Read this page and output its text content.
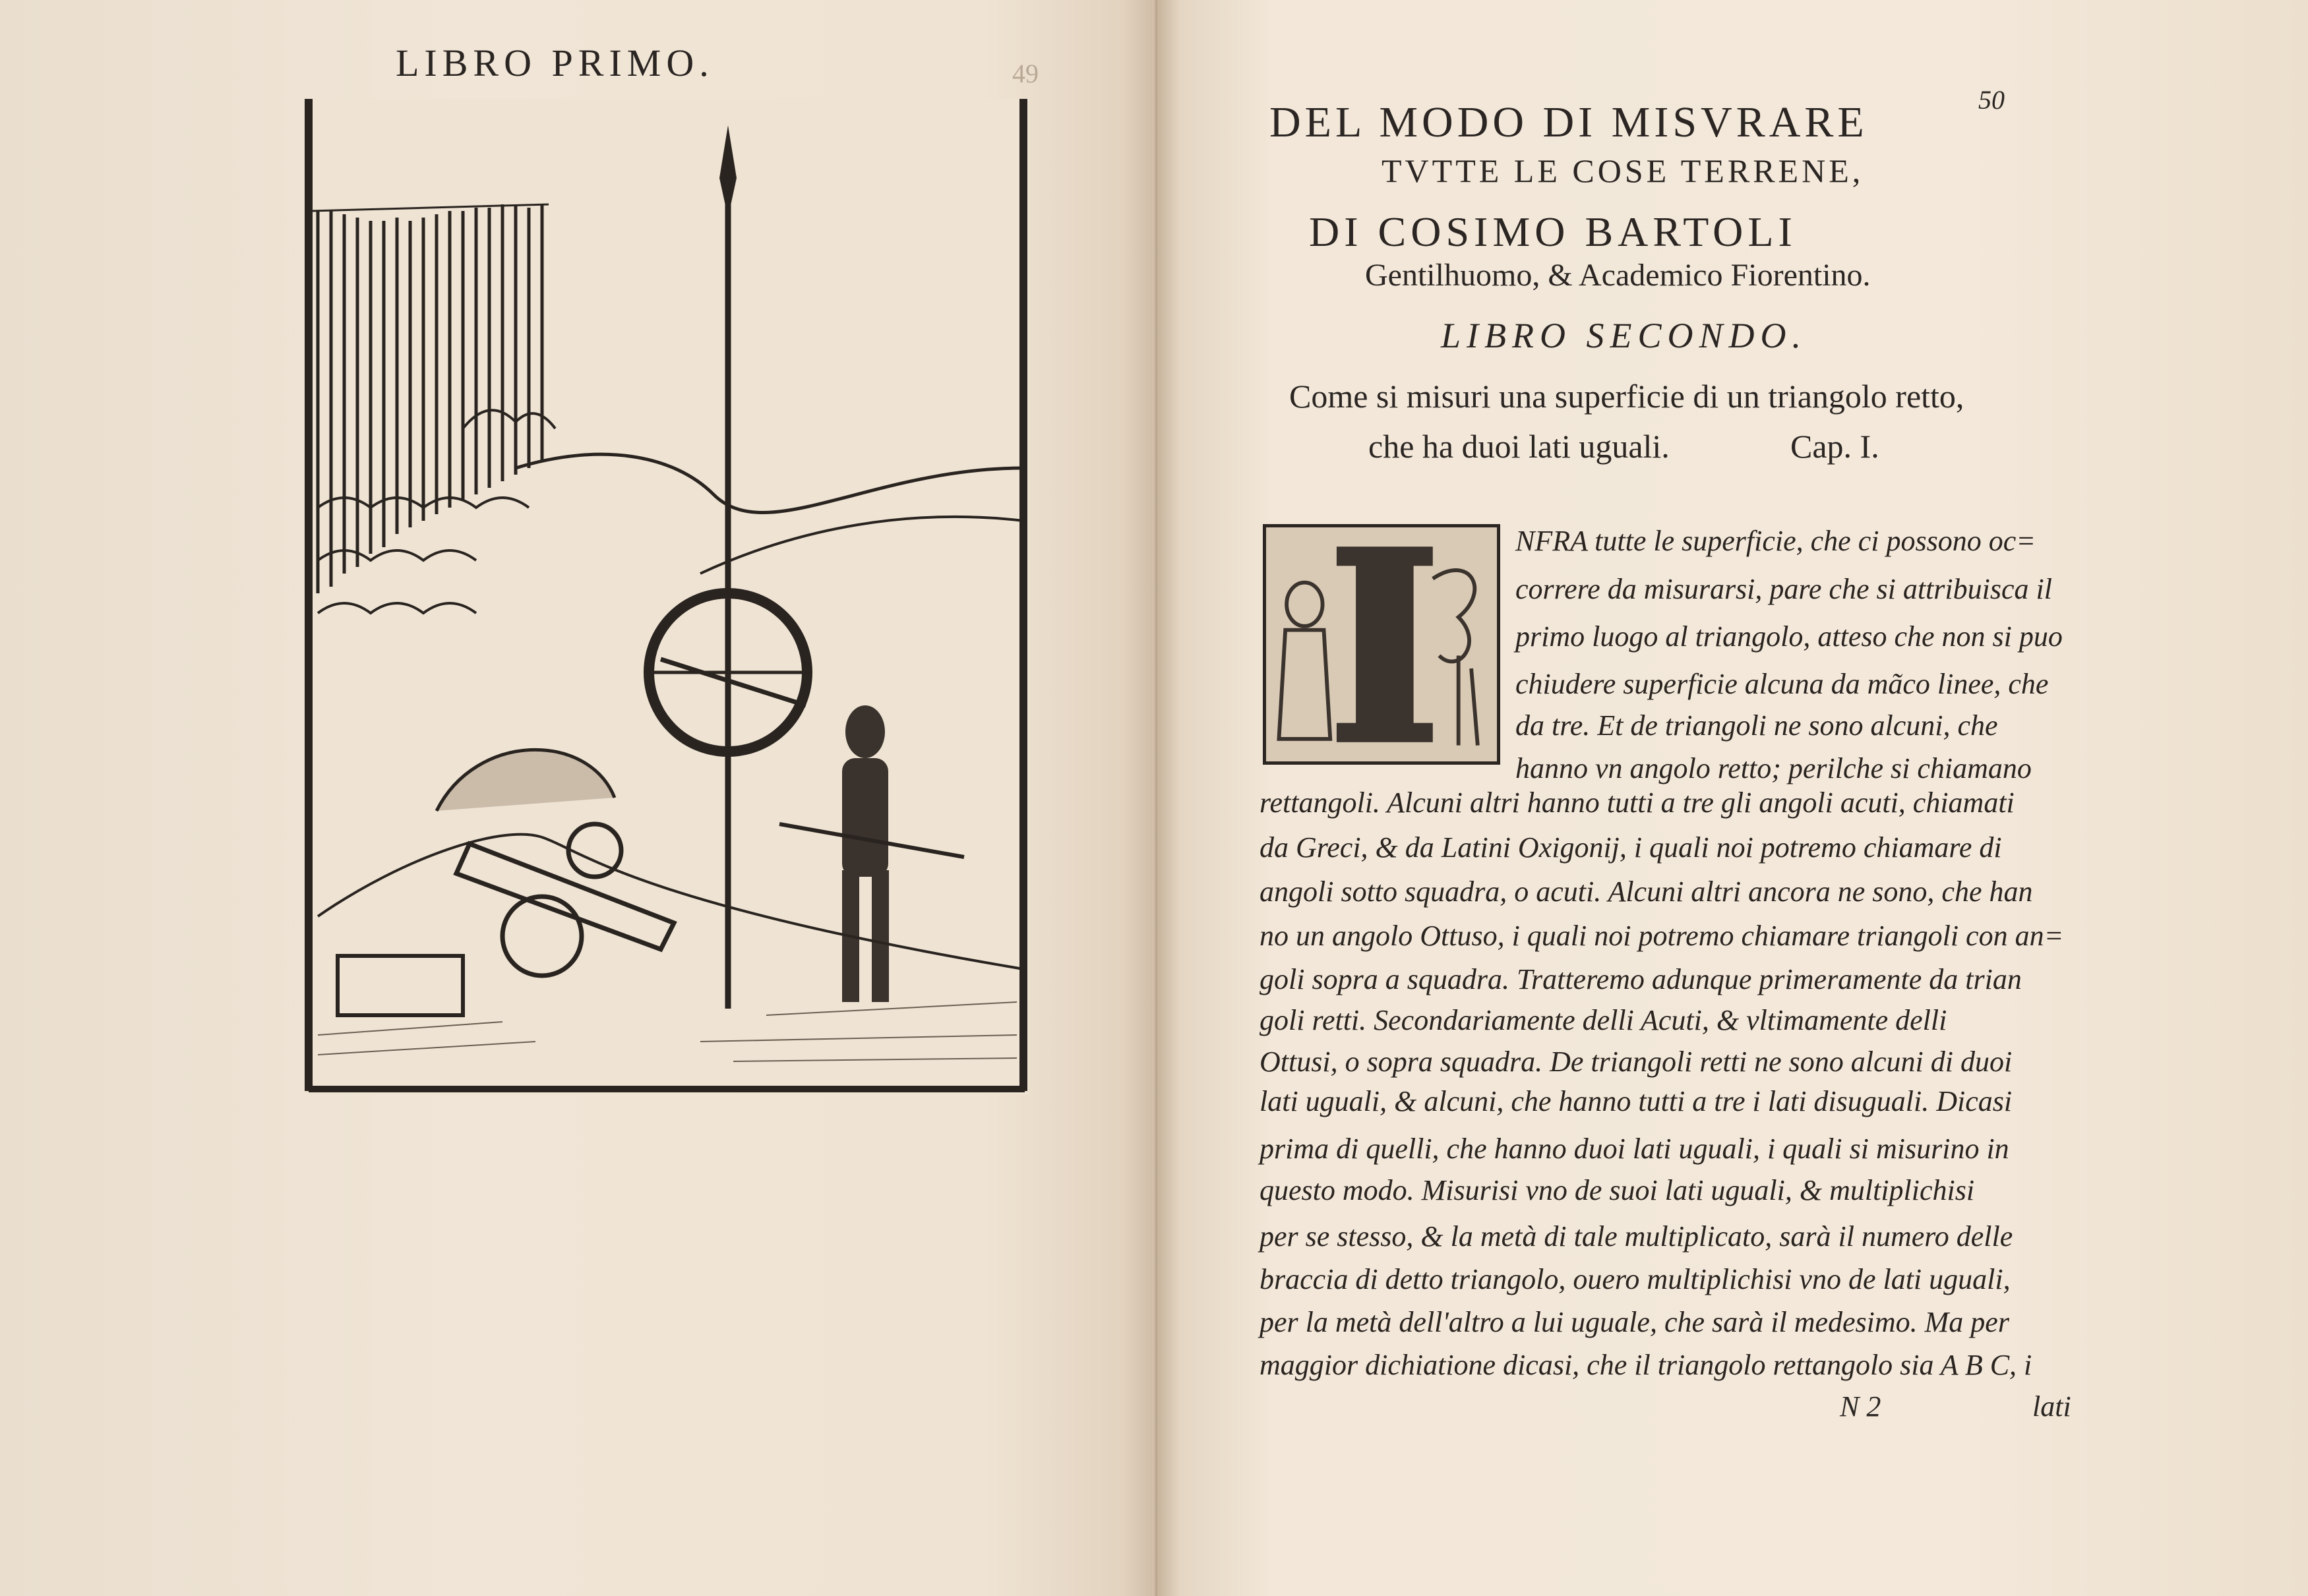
LIBRO PRIMO.	49
50
DEL MODO DI MISVRARE
TVTTE LE COSE TERRENE,
DI COSIMO BARTOLI
Gentilhuomo, & Academico Fiorentino.
LIBRO SECONDO.
Come si misuri una superficie di un triangolo retto,
che ha duoi lati uguali.	Cap. I.
NFRA tutte le superficie, che ci possono oc=
correre da misurarsi, pare che si attribuisca il
primo luogo al triangolo, atteso che non si puo
chiudere superficie alcuna da mãco linee, che
da tre. Et de triangoli ne sono alcuni, che
hanno vn angolo retto; perilche si chiamano
rettangoli. Alcuni altri hanno tutti a tre gli angoli acuti, chiamati
da Greci, & da Latini Oxigonij, i quali noi potremo chiamare di
angoli sotto squadra, o acuti. Alcuni altri ancora ne sono, che han
no un angolo Ottuso, i quali noi potremo chiamare triangoli con an=
goli sopra a squadra. Tratteremo adunque primeramente da trian
goli retti. Secondariamente delli Acuti, & vltimamente delli
Ottusi, o sopra squadra. De triangoli retti ne sono alcuni di duoi
lati uguali, & alcuni, che hanno tutti a tre i lati disuguali. Dicasi
prima di quelli, che hanno duoi lati uguali, i quali si misurino in
questo modo. Misurisi vno de suoi lati uguali, & multiplichisi
per se stesso, & la metà di tale multiplicato, sarà il numero delle
braccia di detto triangolo, ouero multiplichisi vno de lati uguali,
per la metà dell'altro a lui uguale, che sarà il medesimo. Ma per
maggior dichiatione dicasi, che il triangolo rettangolo sia A B C, i
N 2	lati
